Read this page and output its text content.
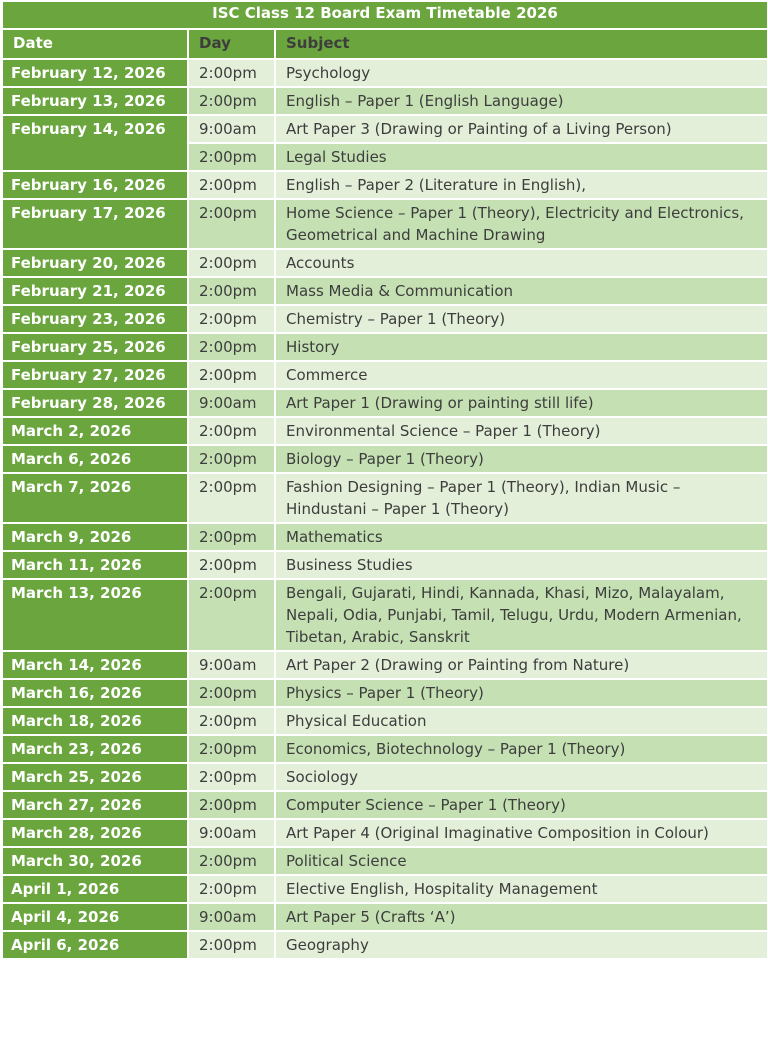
ISC Class 12 Board Exam Timetable 2026		
Date	Day	Subject
February 12, 2026	2:00pm	Psychology
February 13, 2026	2:00pm	English – Paper 1 (English Language)
February 14, 2026	9:00am	Art Paper 3 (Drawing or Painting of a Living Person)
	2:00pm	Legal Studies
February 16, 2026	2:00pm	English – Paper 2 (Literature in English),
February 17, 2026	2:00pm	Home Science – Paper 1 (Theory), Electricity and Electronics, Geometrical and Machine Drawing
February 20, 2026	2:00pm	Accounts
February 21, 2026	2:00pm	Mass Media & Communication
February 23, 2026	2:00pm	Chemistry – Paper 1 (Theory)
February 25, 2026	2:00pm	History
February 27, 2026	2:00pm	Commerce
February 28, 2026	9:00am	Art Paper 1 (Drawing or painting still life)
March 2, 2026	2:00pm	Environmental Science – Paper 1 (Theory)
March 6, 2026	2:00pm	Biology – Paper 1 (Theory)
March 7, 2026	2:00pm	Fashion Designing – Paper 1 (Theory), Indian Music – Hindustani – Paper 1 (Theory)
March 9, 2026	2:00pm	Mathematics
March 11, 2026	2:00pm	Business Studies
March 13, 2026	2:00pm	Bengali, Gujarati, Hindi, Kannada, Khasi, Mizo, Malayalam, Nepali, Odia, Punjabi, Tamil, Telugu, Urdu, Modern Armenian, Tibetan, Arabic, Sanskrit
March 14, 2026	9:00am	Art Paper 2 (Drawing or Painting from Nature)
March 16, 2026	2:00pm	Physics – Paper 1 (Theory)
March 18, 2026	2:00pm	Physical Education
March 23, 2026	2:00pm	Economics, Biotechnology – Paper 1 (Theory)
March 25, 2026	2:00pm	Sociology
March 27, 2026	2:00pm	Computer Science – Paper 1 (Theory)
March 28, 2026	9:00am	Art Paper 4 (Original Imaginative Composition in Colour)
March 30, 2026	2:00pm	Political Science
April 1, 2026	2:00pm	Elective English, Hospitality Management
April 4, 2026	9:00am	Art Paper 5 (Crafts ‘A’)
April 6, 2026	2:00pm	Geography
